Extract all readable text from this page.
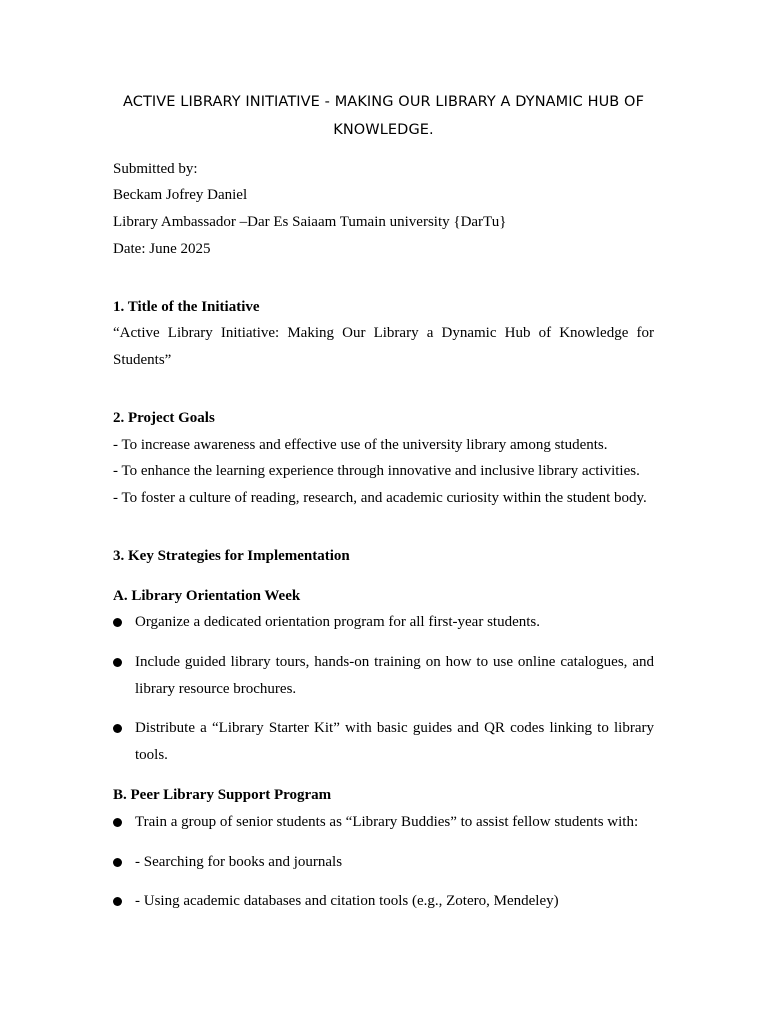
ACTIVE LIBRARY INITIATIVE - MAKING OUR LIBRARY A DYNAMIC HUB OF KNOWLEDGE.
Submitted by:
Beckam Jofrey Daniel
Library Ambassador –Dar Es Saiaam Tumain university {DarTu}
Date: June 2025
1. Title of the Initiative
“Active Library Initiative: Making Our Library a Dynamic Hub of Knowledge for Students”
2. Project Goals
- To increase awareness and effective use of the university library among students.
- To enhance the learning experience through innovative and inclusive library activities.
- To foster a culture of reading, research, and academic curiosity within the student body.
3. Key Strategies for Implementation
A. Library Orientation Week
Organize a dedicated orientation program for all first-year students.
Include guided library tours, hands-on training on how to use online catalogues, and library resource brochures.
Distribute a “Library Starter Kit” with basic guides and QR codes linking to library tools.
B. Peer Library Support Program
Train a group of senior students as “Library Buddies” to assist fellow students with:
- Searching for books and journals
- Using academic databases and citation tools (e.g., Zotero, Mendeley)
